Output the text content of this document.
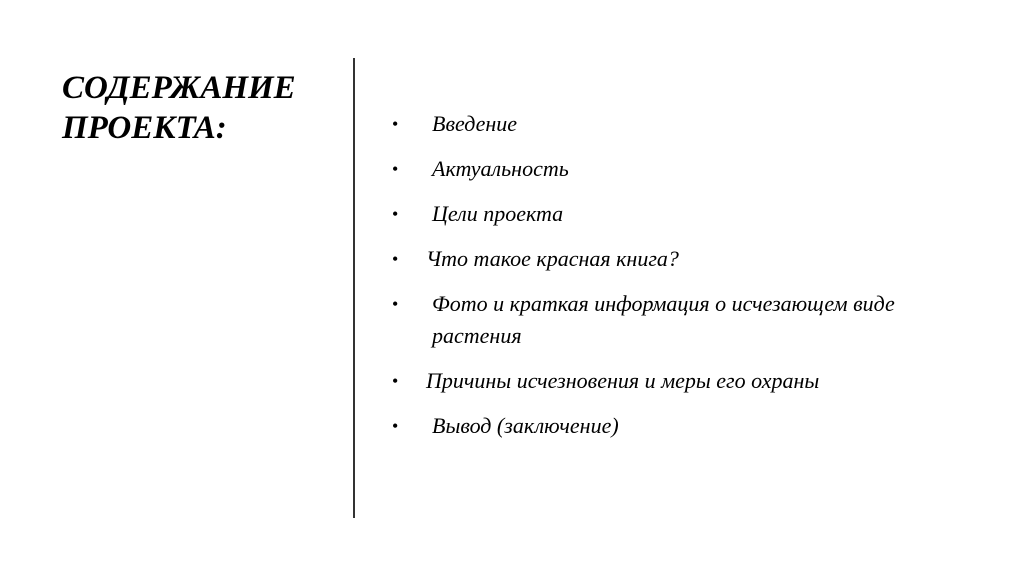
СОДЕРЖАНИЕ ПРОЕКТА:	•	Введение
•	Актуальность
•	Цели проекта
•	Что такое красная книга?
•	Фото и краткая информация о исчезающем виде растения
•	Причины исчезновения и меры его охраны
•	Вывод (заключение)
